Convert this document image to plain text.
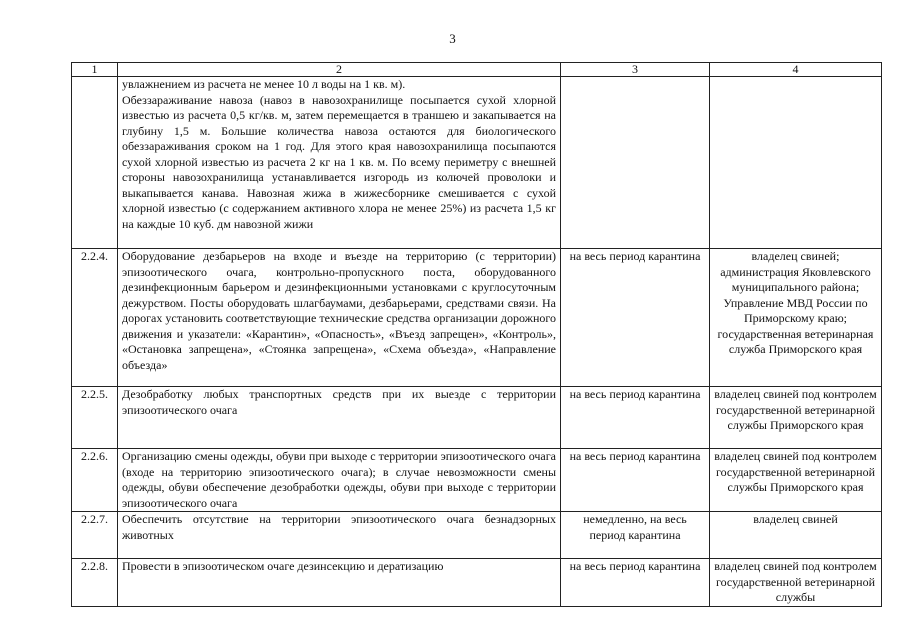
3
1	2	3	4

	увлажнением из расчета не менее 10 л воды на 1 кв. м).
Обеззараживание навоза (навоз в навозохранилище посыпается сухой хлорной известью из расчета 0,5 кг/кв. м, затем перемещается в траншею и закапывается на глубину 1,5 м. Большие количества навоза остаются для биологического обеззараживания сроком на 1 год. Для этого края навозохранилища посыпаются сухой хлорной известью из расчета 2 кг на 1 кв. м. По всему периметру с внешней стороны навозохранилища устанавливается изгородь из колючей проволоки и выкапывается канава. Навозная жижа в жижесборнике смешивается с сухой хлорной известью (с содержанием активного хлора не менее 25%) из расчета 1,5 кг на каждые 10 куб. дм навозной жижи		

2.2.4.	Оборудование дезбарьеров на входе и въезде на территорию (с территории) эпизоотического очага, контрольно-пропускного поста, оборудованного дезинфекционным барьером и дезинфекционными установками с круглосуточным дежурством. Посты оборудовать шлагбаумами, дезбарьерами, средствами связи. На дорогах установить соответствующие технические средства организации дорожного движения и указатели: «Карантин», «Опасность», «Въезд запрещен», «Контроль», «Остановка запрещена», «Стоянка запрещена», «Схема объезда», «Направление объезда»	на весь период карантина	владелец свиней; администрация Яковлевского муниципального района; Управление МВД России по Приморскому краю; государственная ветеринарная служба Приморского края
2.2.5.	Дезобработку любых транспортных средств при их выезде с территории эпизоотического очага	на весь период карантина	владелец свиней под контролем государственной ветеринарной службы Приморского края
2.2.6.	Организацию смены одежды, обуви при выходе с территории эпизоотического очага (входе на территорию эпизоотического очага); в случае невозможности смены одежды, обуви обеспечение дезобработки одежды, обуви при выходе с территории эпизоотического очага	на весь период карантина	владелец свиней под контролем государственной ветеринарной службы Приморского края
2.2.7.	Обеспечить отсутствие на территории эпизоотического очага безнадзорных животных	немедленно, на весь период карантина	владелец свиней
2.2.8.	Провести в эпизоотическом очаге дезинсекцию и дератизацию	на весь период карантина	владелец свиней под контролем государственной ветеринарной службы
